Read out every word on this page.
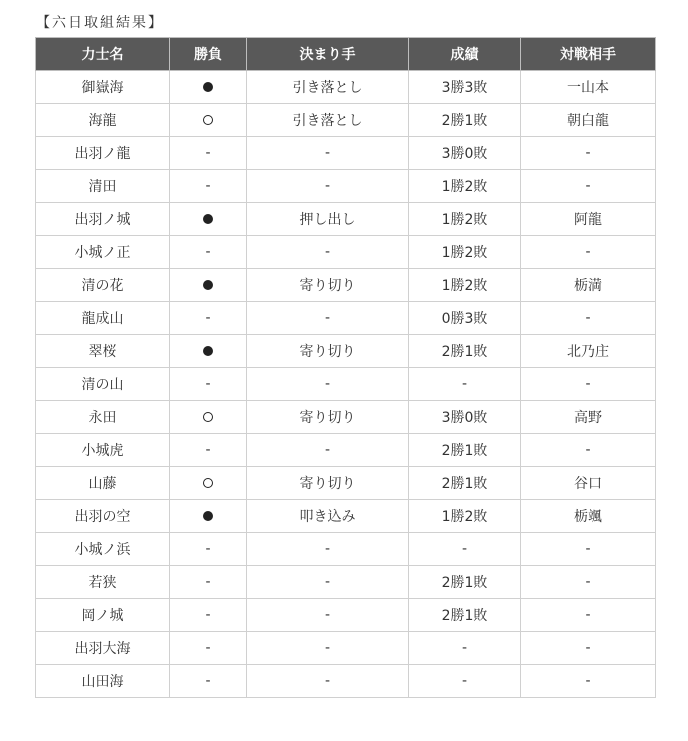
【六日取組結果】
力士名	勝負	決まり手	成績	対戦相手
御嶽海		引き落とし	3勝3敗	一山本
海龍		引き落とし	2勝1敗	朝白龍
出羽ノ龍	-	-	3勝0敗	-
清田	-	-	1勝2敗	-
出羽ノ城		押し出し	1勝2敗	阿龍
小城ノ正	-	-	1勝2敗	-
清の花		寄り切り	1勝2敗	栃満
龍成山	-	-	0勝3敗	-
翠桜		寄り切り	2勝1敗	北乃庄
清の山	-	-	-	-
永田		寄り切り	3勝0敗	高野
小城虎	-	-	2勝1敗	-
山藤		寄り切り	2勝1敗	谷口
出羽の空		叩き込み	1勝2敗	栃颯
小城ノ浜	-	-	-	-
若狭	-	-	2勝1敗	-
岡ノ城	-	-	2勝1敗	-
出羽大海	-	-	-	-
山田海	-	-	-	-
